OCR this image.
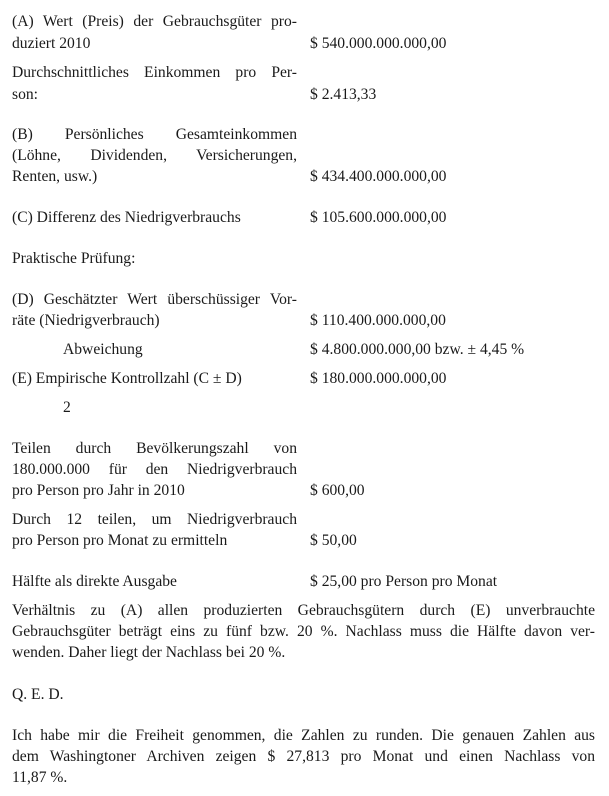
(A) Wert (Preis) der Gebrauchsgüter pro-

duziert 2010	$ 540.000.000.000,00

Durchschnittliches Einkommen pro Per-

son:	$ 2.413,33

(B) Persönliches Gesamteinkommen

(Löhne, Dividenden, Versicherungen,

Renten, usw.)	$ 434.400.000.000,00

(C) Differenz des Niedrigverbrauchs	$ 105.600.000.000,00

Praktische Prüfung:

(D) Geschätzter Wert überschüssiger Vor-

räte (Niedrigverbrauch)	$ 110.400.000.000,00

Abweichung	$ 4.800.000.000,00 bzw. ± 4,45 %

(E) Empirische Kontrollzahl (C ± D)	$ 180.000.000.000,00

2

Teilen durch Bevölkerungszahl von

180.000.000 für den Niedrigverbrauch

pro Person pro Jahr in 2010	$ 600,00

Durch 12 teilen, um Niedrigverbrauch

pro Person pro Monat zu ermitteln	$ 50,00

Hälfte als direkte Ausgabe	$ 25,00 pro Person pro Monat

Verhältnis zu (A) allen produzierten Gebrauchsgütern durch (E) unverbrauchte

Gebrauchsgüter beträgt eins zu fünf bzw. 20 %. Nachlass muss die Hälfte davon ver-

wenden. Daher liegt der Nachlass bei 20 %.

Q. E. D.

Ich habe mir die Freiheit genommen, die Zahlen zu runden. Die genauen Zahlen aus

dem Washingtoner Archiven zeigen $ 27,813 pro Monat und einen Nachlass von

11,87 %.
